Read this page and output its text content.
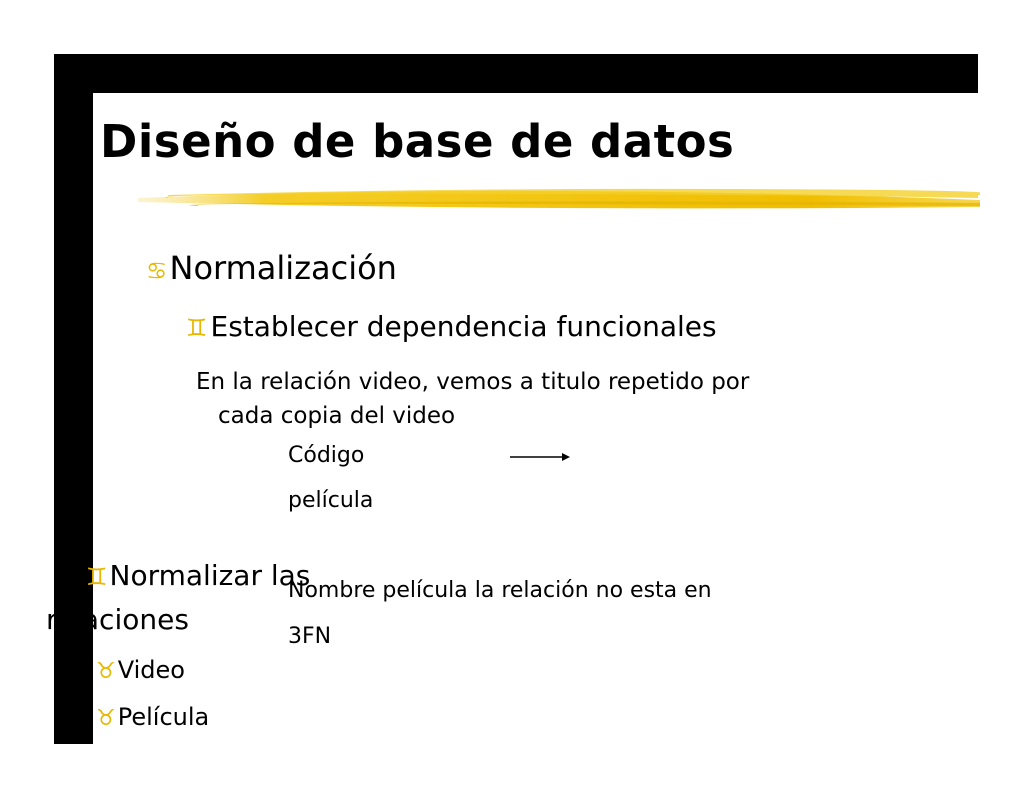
Diseño de base de datos
♋Normalización
♊ Establecer dependencia funcionales
En la relación video, vemos a titulo repetido por
cada copia del video
Código
película
Nombre película la relación no esta en
3FN
♊Normalizar las
relaciones
♉Video
♉Película
